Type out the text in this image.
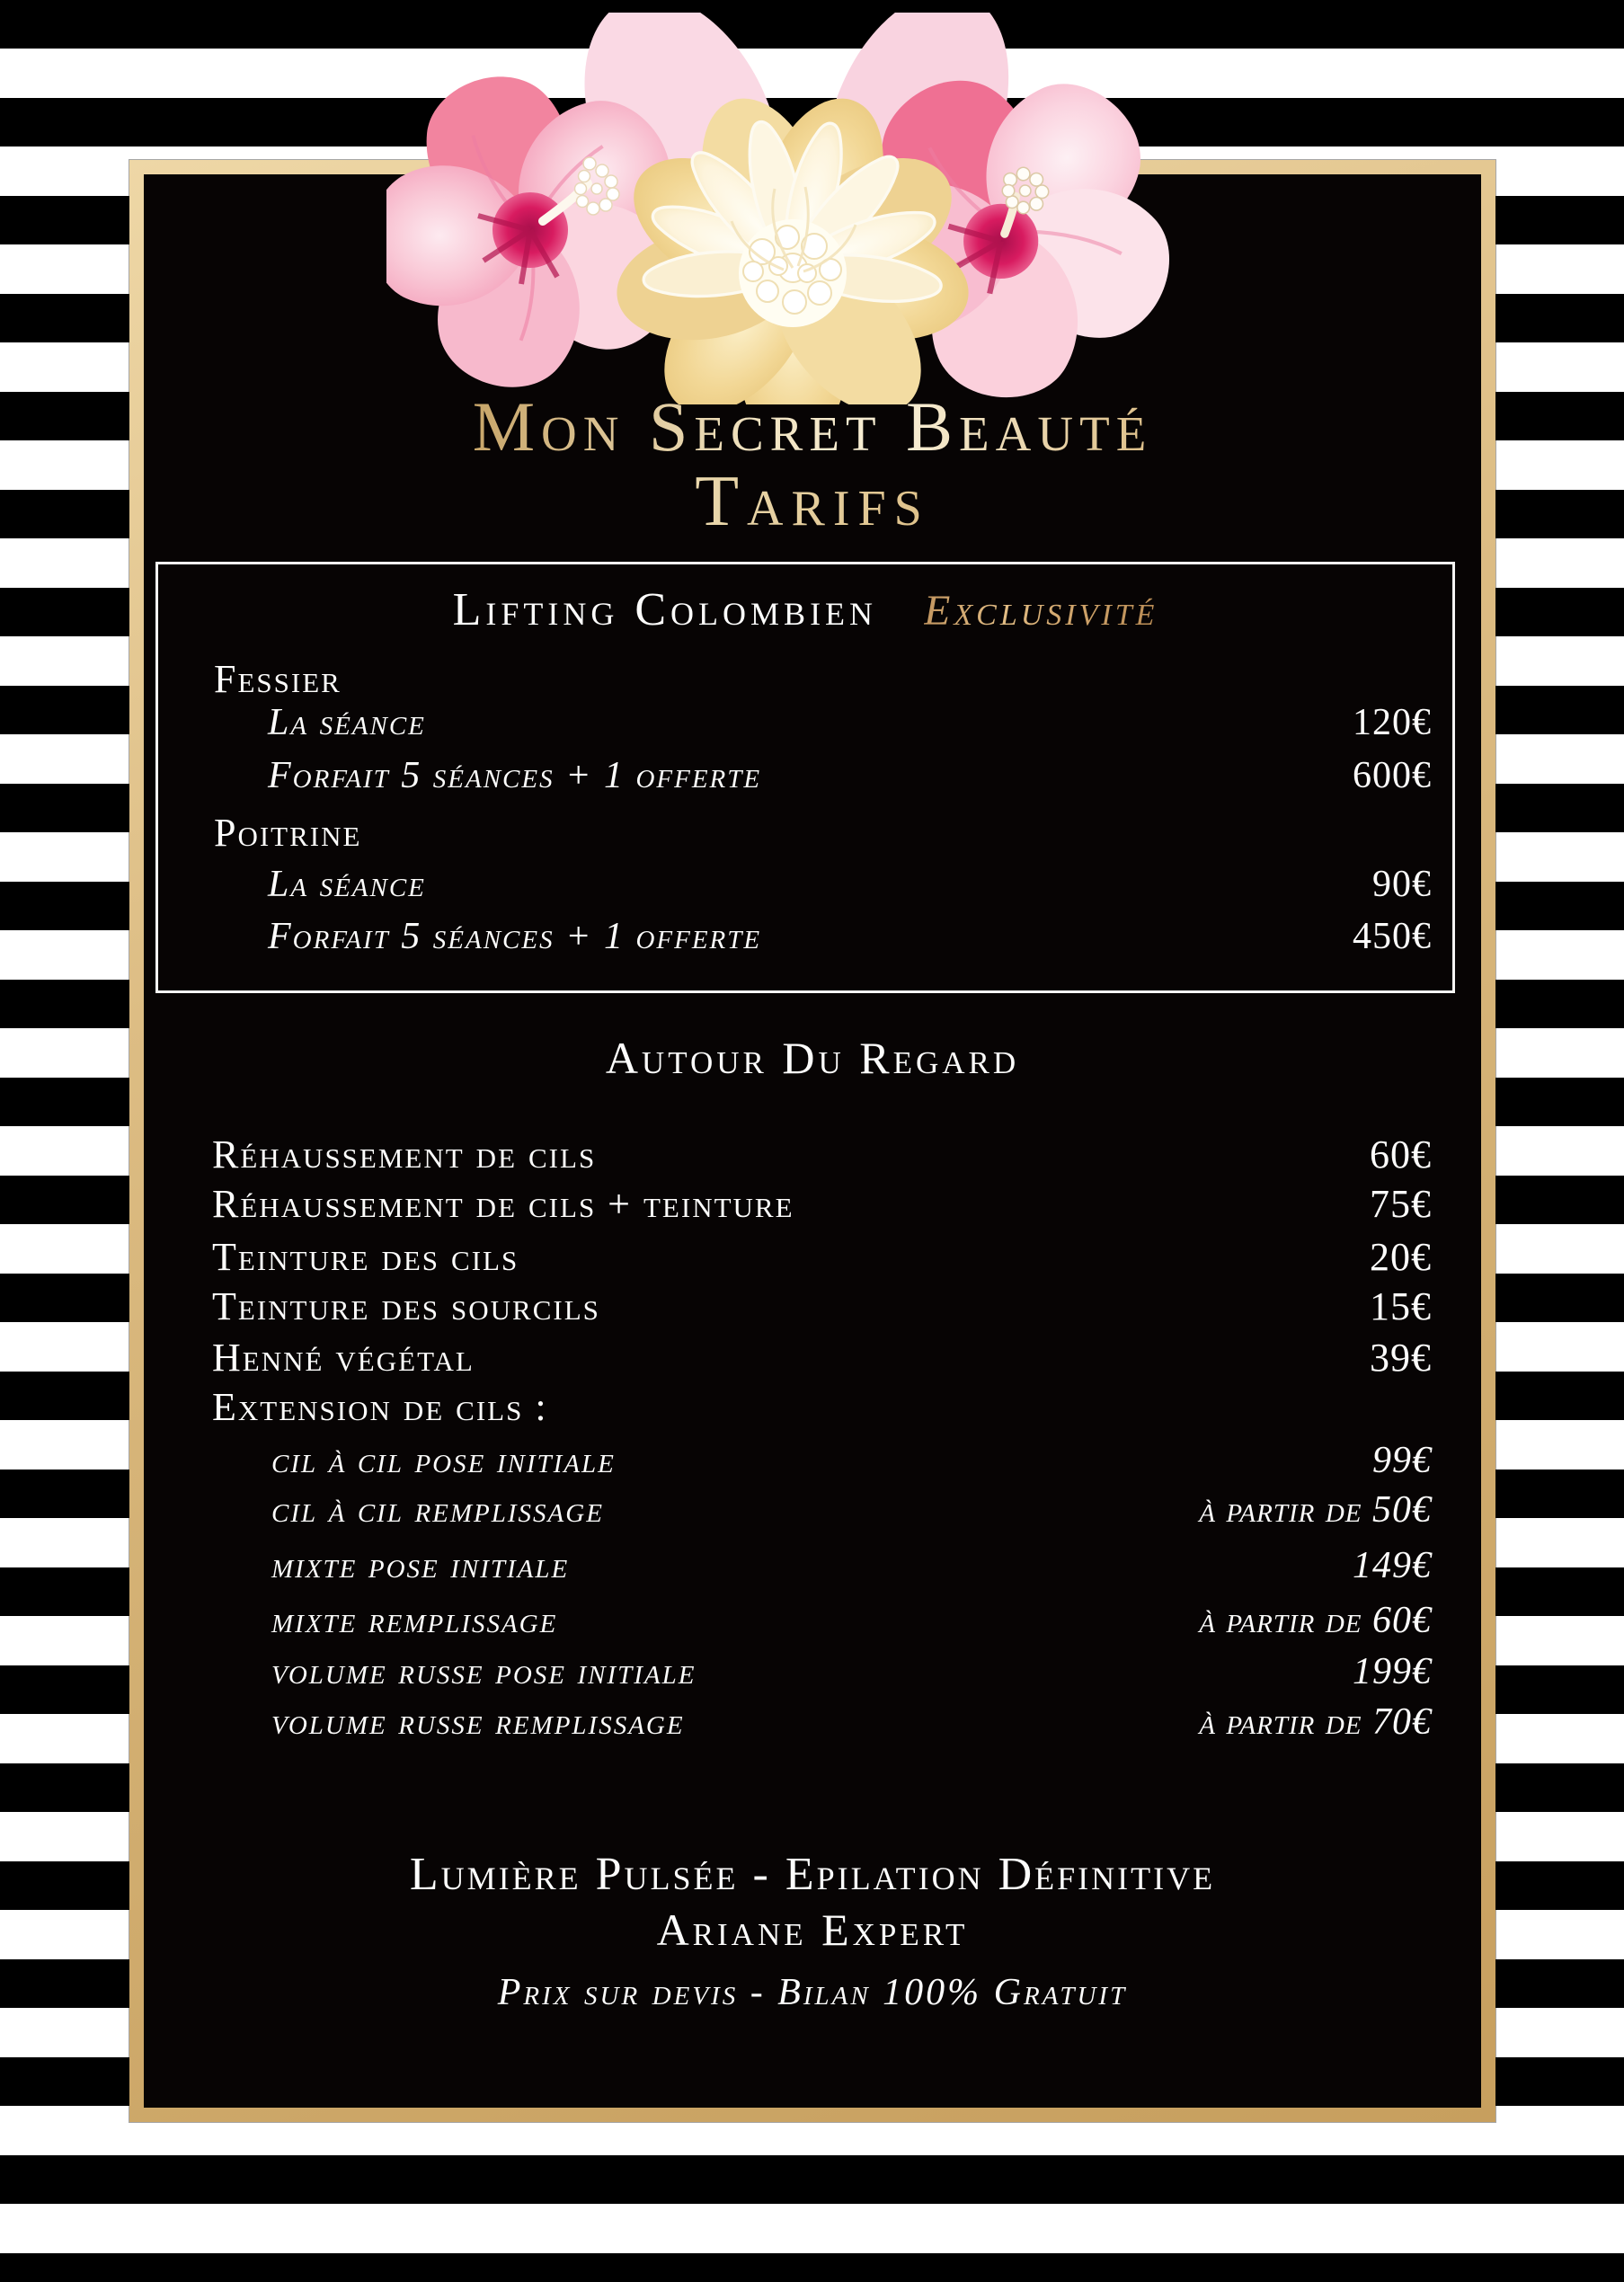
Mon Secret Beauté
Tarifs
Lifting Colombien Exclusivité
Fessier
La séance	120€
Forfait 5 séances + 1 offerte	600€
Poitrine
La séance	90€
Forfait 5 séances + 1 offerte	450€
Autour Du Regard
Réhaussement de cils	60€
Réhaussement de cils + teinture	75€
Teinture des cils	20€
Teinture des sourcils	15€
Henné végétal	39€
Extension de cils :
cil à cil pose initiale	99€
cil à cil remplissage	à partir de 50€
mixte pose initiale	149€
mixte remplissage	à partir de 60€
volume russe pose initiale	199€
volume russe remplissage	à partir de 70€
Lumière Pulsée - Epilation Définitive
Ariane Expert
Prix sur devis - Bilan 100% Gratuit
